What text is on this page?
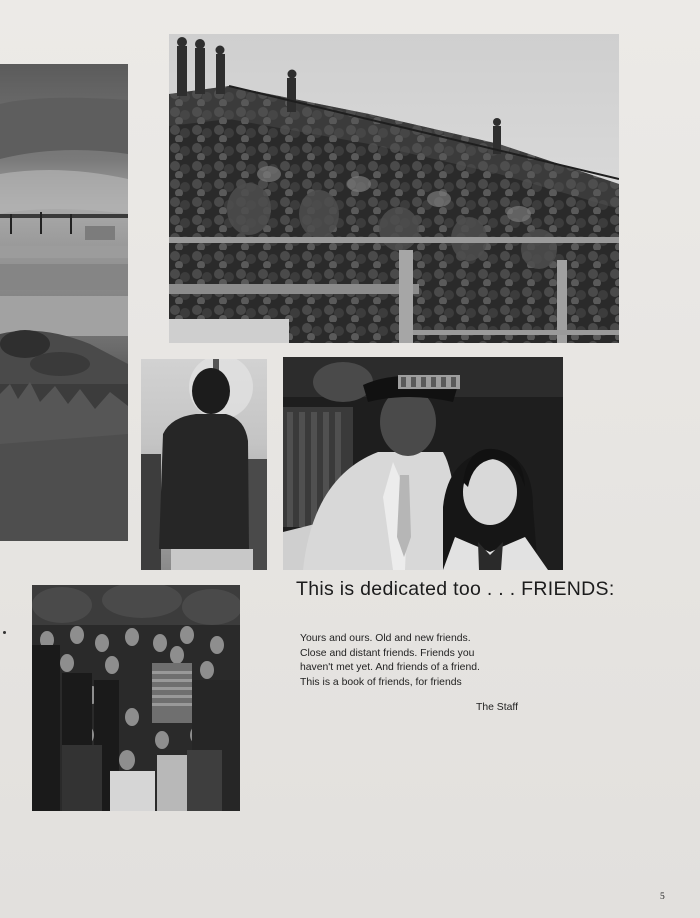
This is dedicated too . . . FRIENDS:
Yours and ours. Old and new friends.
Close and distant friends. Friends you
haven't met yet. And friends of a friend.
This is a book of friends, for friends
The Staff
5
